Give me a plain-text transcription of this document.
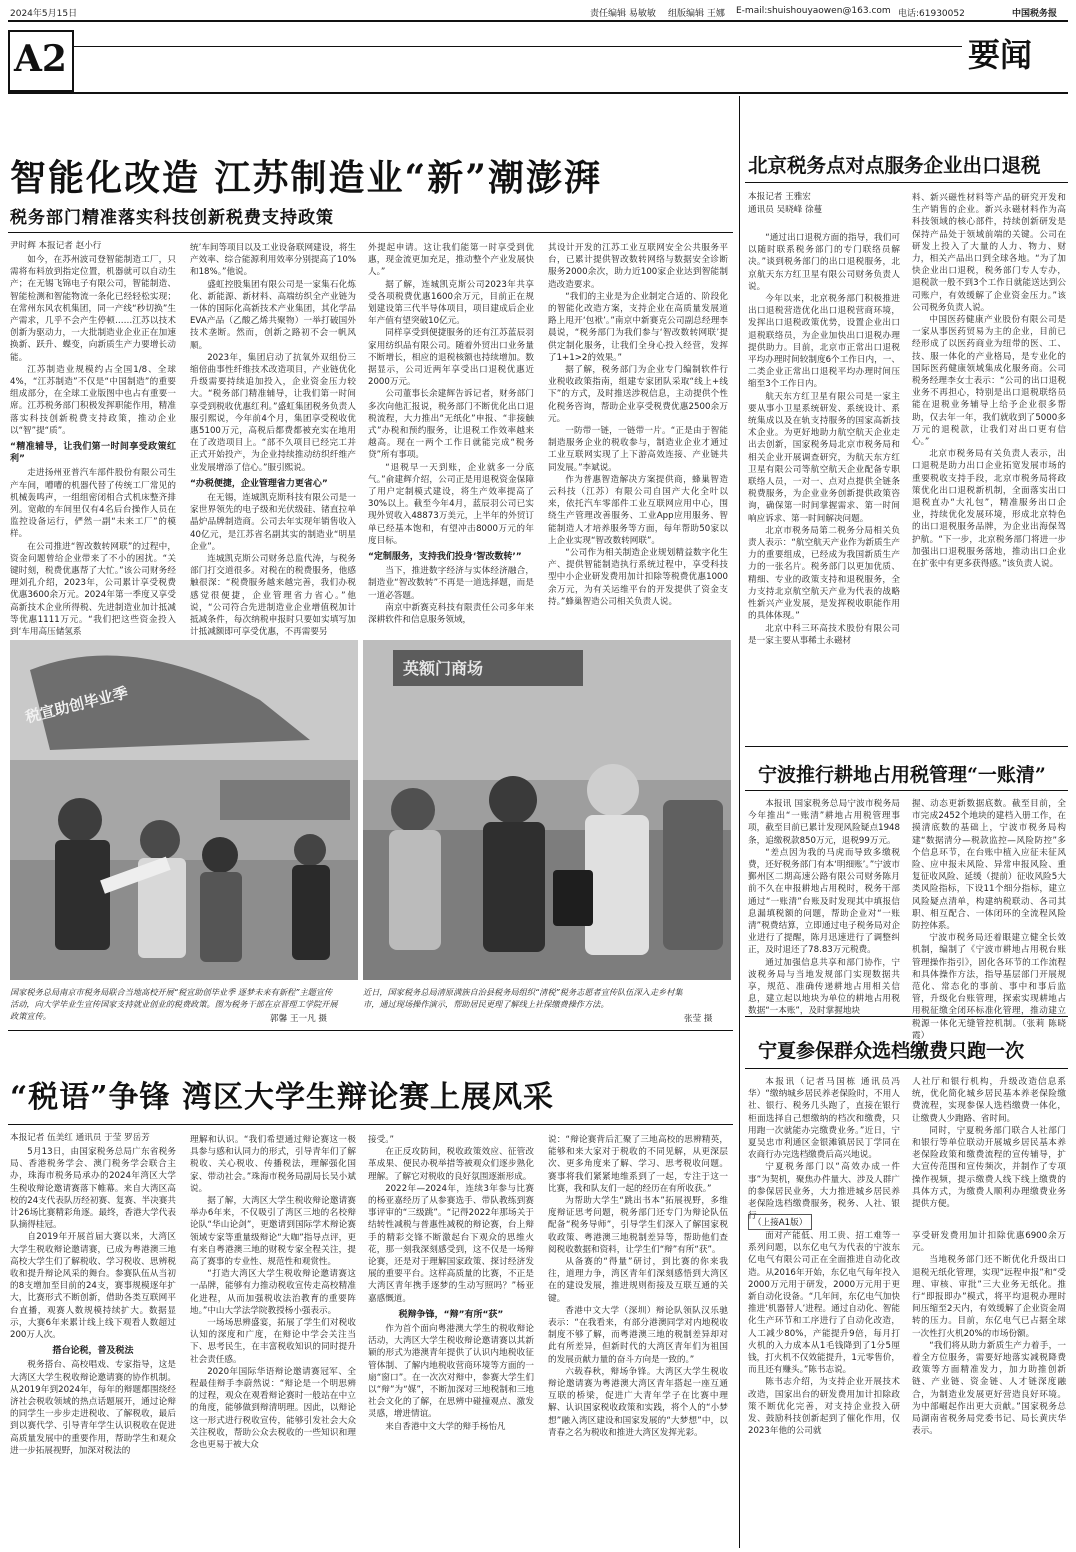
2024年5月15日	责任编辑 易敏敏 组版编辑 王娜 E-mail:shuishouyaowen@163.com 电话:61930052	中国税务报
A2	要闻
智能化改造 江苏制造业“新”潮澎湃
税务部门精准落实科技创新税费支持政策
尹时辉 本报记者 赵小行

如今，在苏州波司登智能制造工厂，只需将布料放到指定位置，机器就可以自动生产；在无锡飞锦电子有限公司，智能制造、智能检测和智能物流一条化已经轻松实现；在常州东风农机集团，同一产线“秒切换”生产需求，几乎不会产生停顿……江苏以技术创新为驱动力，一大批制造业企业正在加速换新、跃升、蝶变，向新质生产力要增长动能。

江苏制造业规模约占全国1/8、全球4%，“江苏制造”不仅是“中国制造”的重要组成部分，在全球工业版图中也占有重要一席。江苏税务部门积极发挥职能作用，精准落实科技创新税费支持政策，推动企业以“智”提“质”。

“精准辅导，让我们第一时间享受政策红利”

走进扬州亚普汽车部件股份有限公司生产车间，嘈嘈的机器代替了传统工厂常见的机械轰鸣声，一组组密闭相合式机床整齐排列。宽敞的车间里仅有4名后台操作人员在监控设备运行，俨然一副“未来工厂”的模样。

在公司推进“智改数转网联”的过程中，资金问题曾给企业带来了不小的困扰。“关键时刻，税费优惠帮了大忙。”该公司财务经理刘孔介绍，2023年，公司累计享受税费优惠3600余万元。2024年第一季度又享受高新技术企业所得税、先进制造业加计抵减等优惠1111万元。“我们把这些资金投入到‘车用高压储氢系

统’车间等项目以及工业设备联网建设，将生产效率、综合能源利用效率分别提高了10%和18%。”他说。

盛虹控股集团有限公司是一家集石化炼化、新能源、新材料、高端纺织全产业链为一体的国际化高新技术产业集团，其化学品EVA产品（乙酸乙烯共聚物）一举打破国外技术垄断。然而，创新之路初不会一帆风顺。

2023年，集团启动了抗氧外双组份三缩倍曲事性纤维技术改造项目，产业链优化升级需要持续追加投入，企业资金压力较大。“税务部门精准辅导，让我们第一时间享受到税收优惠红利。”盛虹集团税务负责人服引熙说，今年前4个月，集团享受税收优惠5100万元，高税后都费都被充实在地用在了改造项目上。“部不久项目已经完工并正式开始投产，为企业持续推动纺织纤维产业发展增添了信心。”服引熙说。

“办税便捷，企业管理省力更省心”

在无锡，连城凯克斯科技有限公司是一家世界领先的电子级和光伏级硅、锗直拉单晶炉品牌制造商。公司去年实现年销售收入40亿元，是江苏省名副其实的制造业“明星企业”。

连城凯克斯公司财务总监代涛，与税务部门打交道很多。对税在的税费服务，他感触很深：“税费服务越来越完善，我们办税感觉很便捷，企业管理省力省心。”他说，“公司符合先进制造业企业增值税加计抵减条件，每次纳税申报时只要如实填写加计抵减额即可享受优惠，不再需要另

外提起申请。这让我们能第一时享受到优惠，现金流更加充足，推动整个产业发展快人。”

据了解，连城凯克斯公司2023年共享受各项税费优惠1600余万元，目前正在规划建设第三代半导体项目，项目建成后企业年产值有望突破10亿元。

同样享受到便捷服务的还有江苏蓝辰羽家用纺织品有限公司。随着外贸出口业务量不断增长，相应的退税核额也持续增加。数据显示，公司近两年享受出口退税优惠近2000万元。

公司董事长余建辉告诉记者，财务部门多次向他汇报说，税务部门不断优化出口退税流程，大力推出“无纸化”申报、“非接触式”办税和预约服务，让退税工作效率越来越高。现在一两个工作日就能完成“税务贷”所有事项。

“退税早一天到账，企业就多一分底气。”俞建辉介绍，公司正是用退税资金保障了用户定制模式建设，将生产效率提高了30%以上。截至今年4月，蓝辰羽公司已实现外贸收入48873万美元，上半年的外贸订单已经基本饱和，有望冲击8000万元的年度目标。

“定制服务，支持我们投身‘智改数转’”

当下，推进数字经济与实体经济融合，制造业“智改数转”不再是一道选择题，而是一道必答题。

南京中新赛克科技有限责任公司多年来深耕软件和信息服务领域，

其设计开发的江苏工业互联网安全公共服务平台，已累计提供智改数转网络与数据安全诊断服务2000余次，助力近100家企业达到智能制造改造要求。

“我们的主业是为企业制定合适的、阶段化的智能化改造方案，支持企业在高质量发展道路上甩开‘包袱’。”南京中新赛克公司副总经理李晨说，“税务部门为我们参与‘智改数转网联’提供定制化服务，让我们全身心投入经营，发挥了1+1>2的效果。”

据了解，税务部门为企业专门编制软件行业税收政策指南，组建专家团队采取“线上+线下”的方式，及时推送涉税信息，主动提供个性化税务咨询，帮助企业享受税费优惠2500余万元。

一防带一链，一链带一片。“正是由于智能制造服务企业的税收参与，制造业企业才通过工业互联网实现了上下游高效连接、产业链共同发展。”李斌说。

作为普惠智造解决方案提供商，蜂巢智造云科技（江苏）有限公司自国产大化全叶以来，依托汽车零部件工业互联网应用中心，围绕生产管理改善服务、工业App应用服务、智能制造人才培养服务等方面，每年帮助50家以上企业实现“智改数转网联”。

“公司作为相关制造企业规划精益数字化生产、提供智能制造执行系统过程中，享受科技型中小企业研发费用加计扣除等税费优惠1000余万元，为有关运维平台的开发提供了资金支持。”蜂巢智造公司相关负责人说。

税宣助创毕业季
英额门商场
国家税务总局南京市税务局联合当地高校开展“税宣助创毕业季 逐梦未来有新程”主题宣传活动，向大学毕业生宣传国家支持就业创业的税费政策。图为税务干部在京晋理工学院开展政策宣传。	郭馨 王一凡 摄
近日，国家税务总局清原满族自治县税务局组织“清税”税务志愿者宣传队伍深入走乡村集市，通过现场操作演示，帮助居民更理了解线上社保缴费操作方法。
张莹 摄
“税语”争锋 湾区大学生辩论赛上展风采
本报记者 伍美红 通讯员 于莹 罗岳芳

5月13日，由国家税务总局广东省税务局、香港税务学会、澳门税务学会联合主办，珠海市税务局承办的2024年湾区大学生税收辩论邀请赛落下帷幕。来自大湾区高校的24支代表队历经初赛、复赛、半决赛共计26场比赛精彩角逐。最终，香港大学代表队摘得桂冠。

自2019年开展首届大赛以来，大湾区大学生税收辩论邀请赛，已成为粤港澳三地高校大学生们了解税收、学习税收、思辨税收和提升辩论风采的舞台。参赛队伍从当初的8支增加至目前的24支，赛事规模逐年扩大，比赛形式不断创新，借助各类互联网平台直播，观赛人数规模持续扩大。数据显示，大赛6年来累计线上线下观看人数超过200万人次。

搭台论税，普及税法

税务搭台、高校唱戏、专家指导，这是大湾区大学生税收辩论邀请赛的协作机制。从2019年到2024年，每年的辩题都围绕经济社会税收领域的热点话题展开，通过论辩的同学生一步步走进税收、了解税收，最后到以赛代学、引导青年学生认识税收在促进高质量发展中的重要作用，帮助学生和观众进一步拓展视野，加深对税法的

理解和认识。“我们希望通过辩论赛这一极具参与感和认同力的形式，引导青年们了解税收、关心税收、传播税法，理解强化国家、带动社会。”珠海市税务局副局长吴小斌说。

据了解，大湾区大学生税收辩论邀请赛举办6年来，不仅吸引了湾区三地的名校辩论队“华山论剑”，更邀请到国际学术辩论赛领域专家等重量级辩论“大咖”指导点评，更有来自粤港澳三地的财税专家全程关注，提高了赛事的专业性、规范性和观赏性。

“打造大湾区大学生税收辩论邀请赛这一品牌，能够有力推动税收宣传走高校精准化进程，从而加强税收法治教育的重要阵地。”中山大学法学院教授杨小强表示。

一场场思辨盛宴，拓展了学生们对税收认知的深度和广度，在辩论中学会关注当下、思考民生，在丰富税收知识的同时提升社会责任感。

2020年国际华语辩论邀请赛冠军、全程最佳辩手李蔚然说：“辩论是一个明思辨的过程，观众在观看辩论赛时一般站在中立的角度，能够做到辩清明理。因此，以辩论这一形式进行税收宣传，能够引发社会大众关注税收，帮助公众去税收的一些知识和理念也更易于被大众

接受。”

在正反攻防间，税收政策效应、征管改革成果、便民办税举措等被观众们逐步熟化理解。了解它对税收的良好氛围逐渐形成。

2022年—2024年，连续3年参与比赛的杨亚嘉经历了从参赛选手、带队教练到赛事评审的“三级跳”。“记得2022年那场关于结转性减税与普惠性减税的辩论赛，台上辩手的精彩交锋不断激起台下观众的思维火花，那一刻我深刻感受到，这不仅是一场辩论赛，还是对于理解国家政策、探讨经济发展的重要平台。这样高质量的比赛，不正是大湾区青年携手逐梦的生动写照吗？”杨亚嘉感慨道。

税辩争锋，“辩”有所“获”

作为首个面向粤港澳大学生的税收辩论活动，大湾区大学生税收辩论邀请赛以其新颖的形式为港澳青年提供了认识内地税收征管体制、了解内地税收营商环境等方面的一扇“窗口”。在一次次对辩中，参赛大学生们以“辩”为“媒”，不断加深对三地税制和三地社会文化的了解，在思辨中碰撞观点、激发灵感，增进情谊。

来自香港中文大学的辩手杨怡凡

说：“辩论赛背后汇聚了三地高校的思辨精英，能够和来大家对于税收的不同见解，从更深层次、更多角度来了解、学习、思考税收问题。赛事将我们紧紧地维系到了一起，专注于这一比赛，我和队友们一起的经历在有所收获。”

为帮助大学生“跳出书本”拓展视野，多维度辩证思考问题，税务部门还专门为辩论队伍配备“税务导师”，引导学生们深入了解国家税收政策、粤港澳三地税制差异等，帮助他们查阅税收数据和资料，让学生们“辩”有所“获”。

从备赛的“得量”研讨，到比赛的你来我往，道理力争，湾区青年们深刻感悟到大湾区在的建设发展，推进规则衔接及互联互通的关键。

香港中文大学（深圳）辩论队领队汉乐驰表示：“在我看来，有部分港澳同学对内地税收制度不够了解，而粤港澳三地的税制差异却对此有所差异，但新时代的大湾区青年们为祖国的发展贡献力量的奋斗方向是一致的。”

六载春秋，辩场争锋。大湾区大学生税收辩论邀请赛为粤港澳大湾区青年搭起一座互通互联的桥梁，促进广大青年学子在比赛中理解、认识国家税收政策和实践，将个人的“小梦想”融入湾区建设和国家发展的“大梦想”中，以青春之名为税收和推进大湾区发挥光彩。

北京税务点对点服务企业出口退税
本报记者 王雅宏
通讯员 吴晓峰 徐蔓

“通过出口退税方面的指导，我们可以随时联系税务部门的专门联络员解决。”谈到税务部门的出口退税服务，北京航天东方红卫星有限公司财务负责人说。

今年以来，北京税务部门积极推进出口退税营造优化出口退税营商环境，发挥出口退税政策优势，设置企业出口退税联络员，为企业加快出口退税办理提供助力。目前，北京市正常出口退税平均办理时间较制度6个工作日内，一、二类企业正常出口退税平均办理时间压缩至3个工作日内。

航天东方红卫星有限公司是一家主要从事小卫星系统研发、系统设计、系统集成以及在轨支持服务的国家高新技术企业。为更好地助力航空航天企业走出去创新，国家税务局北京市税务局和相关企业开展调查研究，为航天东方红卫星有限公司等航空航天企业配备专职联络人员，一对一、点对点提供全链条税费服务，为企业业务创新提供政策咨询，确保第一时间掌握需求、第一时间响应诉求、第一时间解决问题。

北京市税务局第二税务分局相关负责人表示：“航空航天产业作为新质生产力的重要组成，已经成为我国新质生产力的一张名片。税务部门以更加优质、精细、专业的政策支持和退税服务，全力支持北京航空航天产业为代表的战略性新兴产业发展，是发挥税收职能作用的具体体现。”

北京中科三环高技术股份有限公司是一家主要从事稀土永磁材

料、新兴磁性材料等产品的研究开发和生产销售的企业。新兴永磁材料作为高科技领域的核心部件，持续创新研发是保持产品处于领域前端的关键。公司在研发上投入了大量的人力、物力、财力，相关产品出口到全球各地。“为了加快企业出口退税，税务部门专人专办，退税款一般不到3个工作日就能送达到公司账户，有效缓解了企业资金压力。”该公司税务负责人说。

中国医药健康产业股份有限公司是一家从事医药贸易为主的企业，目前已经形成了以医药商业为纽带的医、工、技、服一体化的产业格局，是专业化的国际医药健康领域集成化服务商。公司税务经理李女士表示：“公司的出口退税业务不再担心，特别是出口退税联络员能在退税业务辅导上给予企业很多帮助，仅去年一年，我们就收到了5000多万元的退税款，让我们对出口更有信心。”

北京市税务局有关负责人表示，出口退税是助力出口企业拓宽发展市场的重要税收支持手段，北京市税务局将政策优化出口退税新机制，全面落实出口退税直办“大礼包”，精准服务出口企业，持续优化发展环境，形成北京特色的出口退税服务品牌，为企业出海保驾护航。“下一步，北京税务部门将进一步加强出口退税服务落地，推动出口企业在扩张中有更多获得感。”该负责人说。

宁波推行耕地占用税管理“一账清”

本报讯 国家税务总局宁波市税务局今年推出“一账清”耕地占用税管理事项，截至目前已累计发现风险疑点1948条，追缴税款850万元，退税99万元。

“差点因为我的马虎而导致多缴税费，还好税务部门有本‘明细账’。”宁波市鄞州区二期高速公路有限公司财务陈月前不久在申报耕地占用税时，税务干部通过“一账清”台账及时发现其中填报信息漏填税额的问题，帮助企业对“一账清”税费结算，立即通过电子税务局对企业进行了提醒，陈月迅速进行了调整纠正，及时退还了78.83万元税费。

通过加强信息共享和部门协作，宁波税务局与当地发规部门实现数据共享，规范、准确传递耕地占用相关信息，建立起以地块为单位的耕地占用税数据“一本账”，及时掌握地块

握、动态更新数据底数。截至目前，全市完成2452个地块的建档入册工作，在摸清底数的基础上，宁波市税务局构建“数据清分—税款监控—风险防控”多个信息环节，在台账中植入应征未征风险、应申报未风险、异常申报风险、重复征收风险、延缓（提前）征收风险5大类风险指标，下设11个细分指标，建立风险疑点清单，构建纳税联动、各司其职、相互配合、一体闭环的全流程风险防控体系。

宁波市税务局还着眼建立健全长效机制，编制了《宁波市耕地占用税台账管理操作指引》，固化各环节的工作流程和具体操作方法，指导基层部门开展规范化、常态化的事前、事中和事后监管，升级化台账管理，探索实现耕地占用税征缴全闭环标准化管理，推动建立税源一体化无缝管控机制。（张莉 陈晓霞）

宁夏参保群众选档缴费只跑一次

本报讯（记者马国栋 通讯员冯华）“缴纳城乡居民养老保险时，不用人社、银行、税务几头跑了，直接在银行柜面选择自己想缴纳的档次和缴费，只用跑一次就能办完缴费业务。”近日，宁夏吴忠市利通区金银滩镇居民丁学同在农商行办完选档缴费后高兴地说。

宁夏税务部门以“高效办成一件事”为契机，聚焦办件量大、涉及人群广的参保居民业务，大力推进城乡居民养老保险选档缴费服务，税务、人社、银行

人社厅和银行机构，升级改造信息系统，优化简化城乡居民基本养老保险缴费流程，实现参保人选档缴费一体化，让缴费人少跑路、省时间。

同时，宁夏税务部门联合人社部门和银行等单位联动开展城乡居民基本养老保险政策和缴费流程的宣传辅导，扩大宣传范围和宣传频次，并制作了专项操作视频，提示缴费人线下线上缴费的具体方式，为缴费人顺利办理缴费业务提供方便。

（上接A1版）

面对产能低、用工贵、招工难等一系列问题，以东亿电气为代表的宁波东亿电气有限公司正在全面推进自动化改造。从2016年开始，东亿电气每年投入2000万元用于研发，2000万元用于更新自动化设备。“几年间，东亿电气加快推进‘机器替人’进程。通过自动化、智能化生产环节和工序进行了自动化改造，人工减少80%，产能提升9倍，每月打火机的入力成本从1毛钱降到了1分5厘钱，打火机不仅效能提升，1元零售价，而且还有赚头。”陈书志说。

陈书志介绍，为支持企业开展技术改造，国家出台的研发费用加计扣除政策不断优化完善，对支持企业投入研发、鼓励科技创新起到了催化作用，仅2023年他的公司就

享受研发费用加计扣除优惠6900余万元。

当地税务部门还不断优化升级出口退税无纸化管理，实现“远程申报”和“受理、审核、审批”三大业务无纸化。推行“即报即办”模式，将平均退税办理时间压缩至2天内，有效缓解了企业资金周转的压力。目前，东亿电气已占据全球一次性打火机20%的市场份额。

“我们将从助力新质生产力着手，一着全方位服务，需要好地落实减税降费政策等方面精准发力，加力助推创新链、产业链、资金链、人才链深度融合，为制造业发展更好营造良好环境。为中部崛起作出更大贡献。”国家税务总局湖南省税务局党委书记、局长黄庆华表示。
